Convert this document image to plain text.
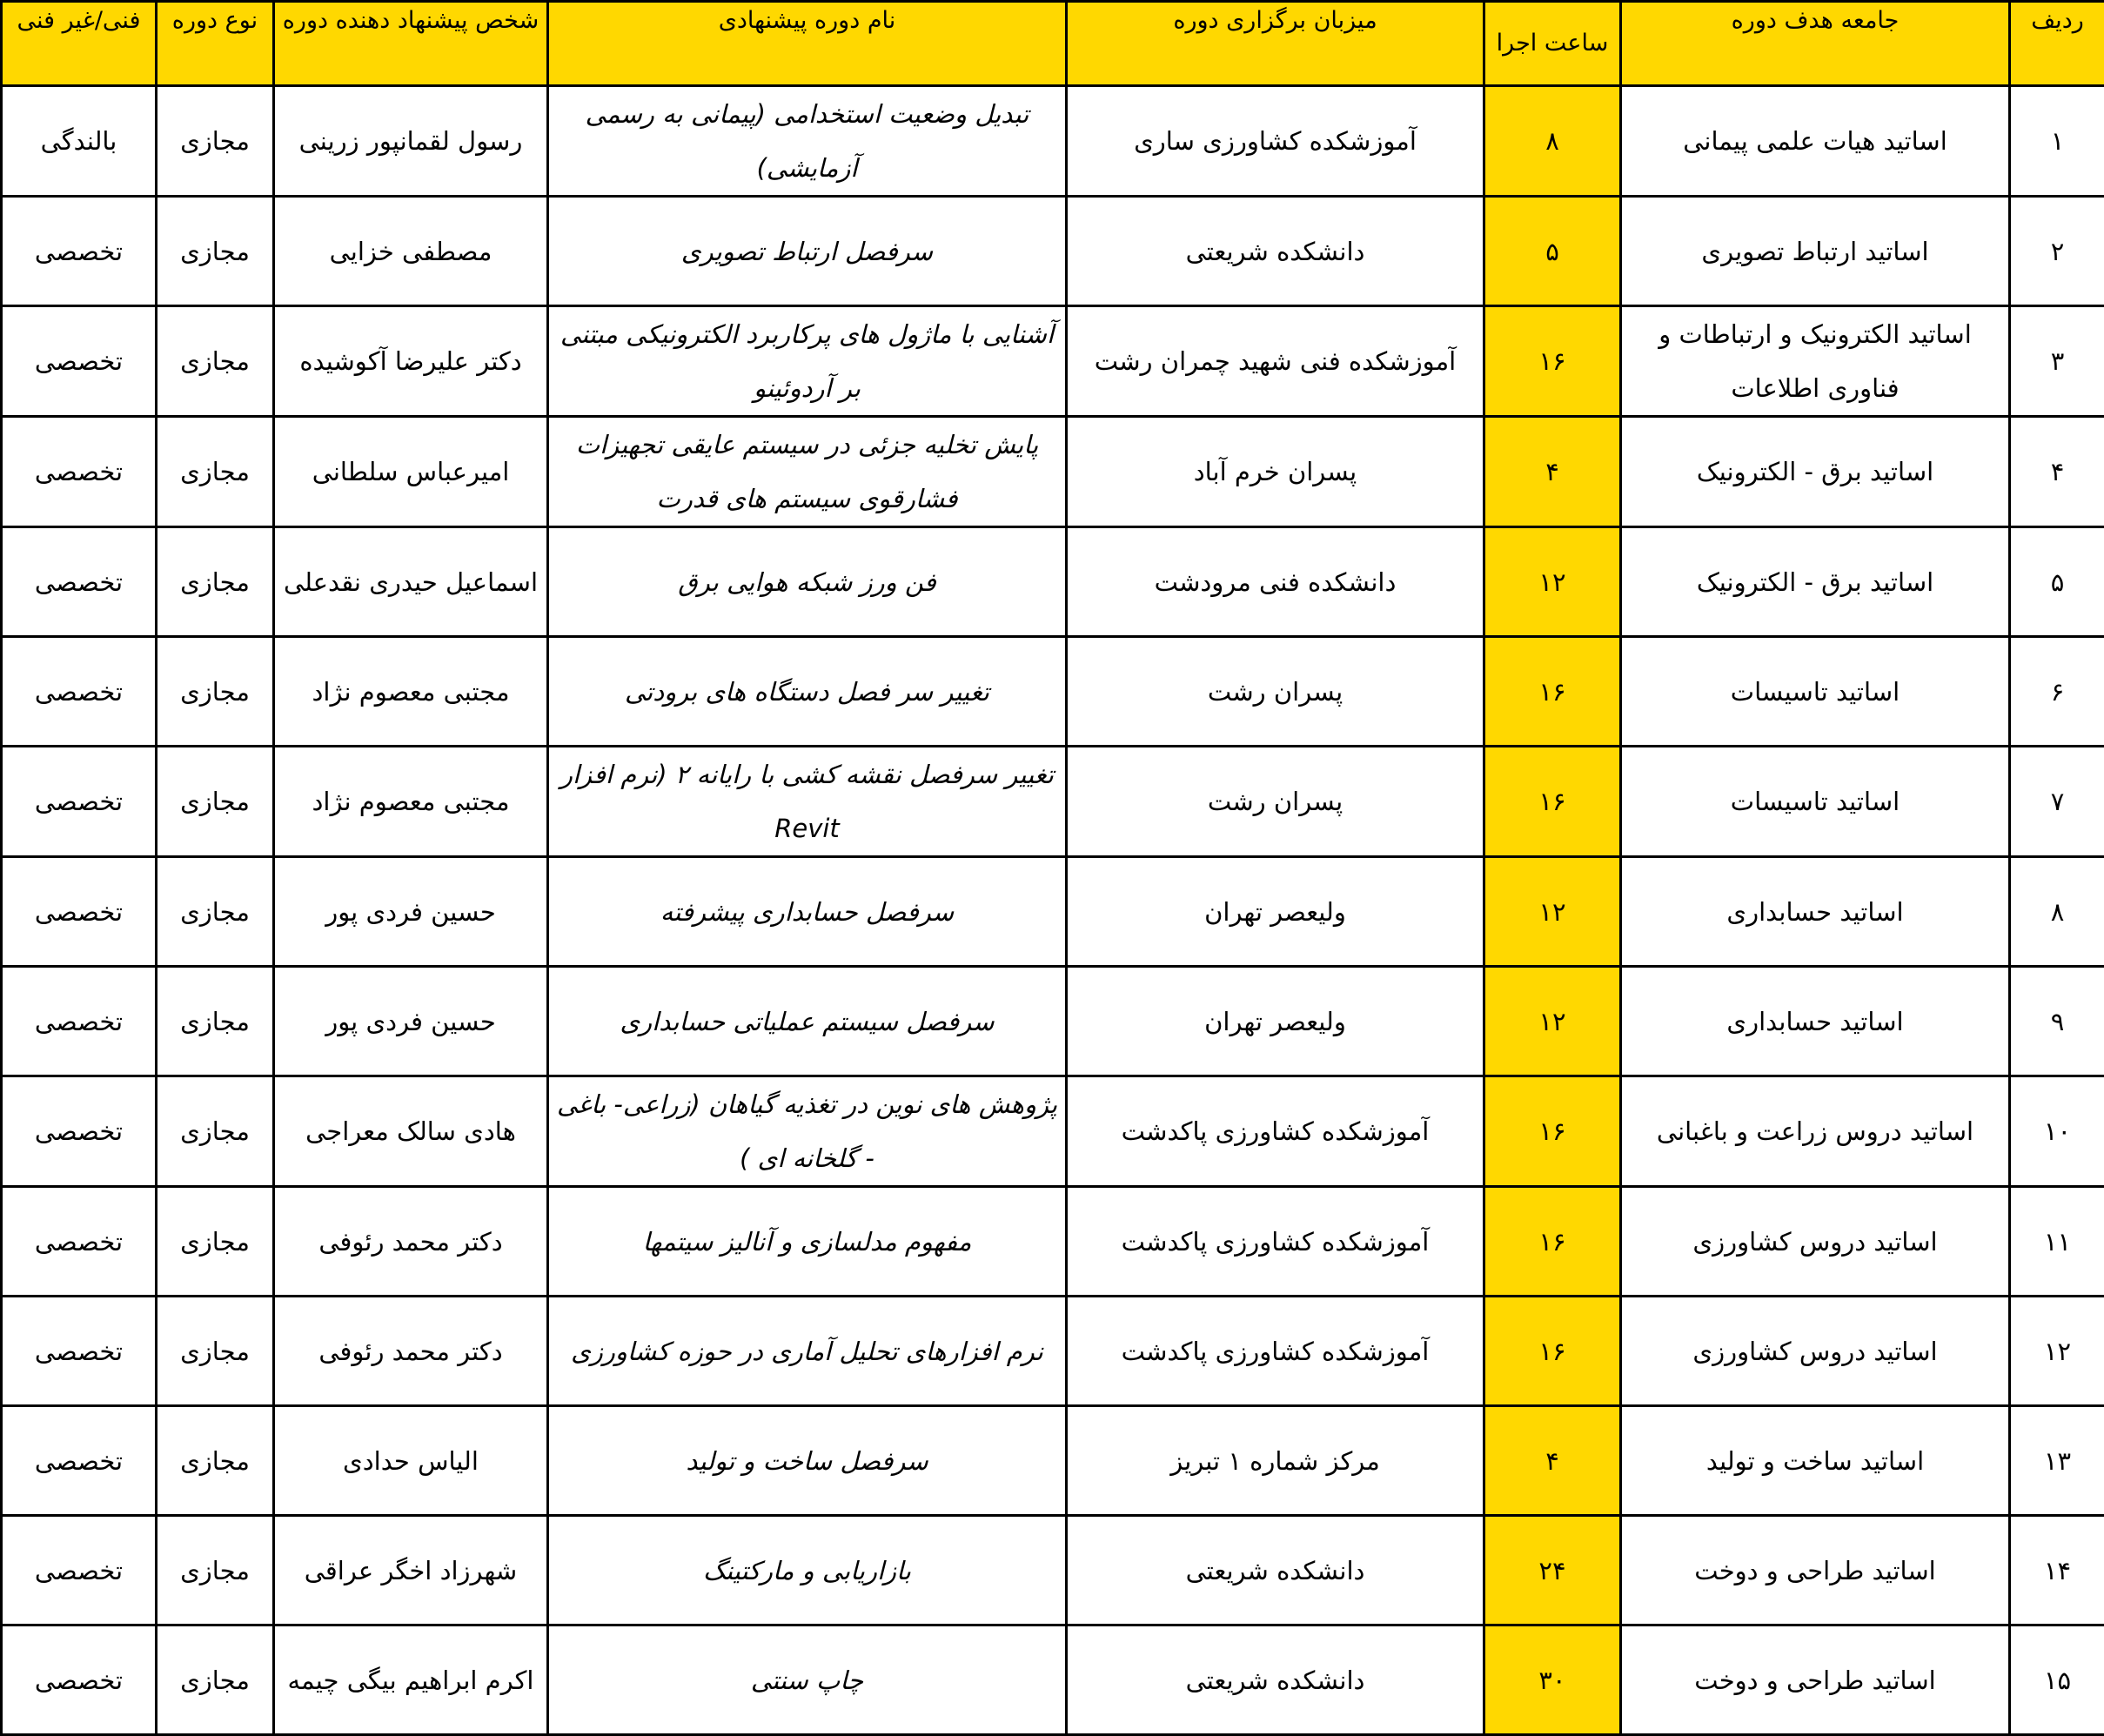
ردیف	جامعه هدف دوره	ساعت اجرا	میزبان برگزاری دوره	نام دوره پیشنهادی	شخص پیشنهاد دهنده دوره	نوع دوره	فنی/غیر فنی
۱	اساتید هیات علمی پیمانی	۸	آموزشکده کشاورزی ساری	تبدیل وضعیت استخدامی (پیمانی به رسمی آزمایشی)	رسول لقمانپور زرینی	مجازی	بالندگی
۲	اساتید ارتباط تصویری	۵	دانشکده شریعتی	سرفصل ارتباط تصویری	مصطفی خزایی	مجازی	تخصصی
۳	اساتید الکترونیک و ارتباطات و فناوری اطلاعات	۱۶	آموزشکده فنی شهید چمران رشت	آشنایی با ماژول های پرکاربرد الکترونیکی مبتنی بر آردوئینو	دکتر علیرضا آکوشیده	مجازی	تخصصی
۴	اساتید برق - الکترونیک	۴	پسران خرم آباد	پایش تخلیه جزئی در سیستم عایقی تجهیزات فشارقوی سیستم های قدرت	امیرعباس سلطانی	مجازی	تخصصی
۵	اساتید برق - الکترونیک	۱۲	دانشکده فنی مرودشت	فن ورز شبکه هوایی برق	اسماعیل حیدری نقدعلی	مجازی	تخصصی
۶	اساتید تاسیسات	۱۶	پسران رشت	تغییر سر فصل دستگاه های برودتی	مجتبی معصوم نژاد	مجازی	تخصصی
۷	اساتید تاسیسات	۱۶	پسران رشت	تغییر سرفصل نقشه کشی با رایانه ۲ (نرم افزار Revit	مجتبی معصوم نژاد	مجازی	تخصصی
۸	اساتید حسابداری	۱۲	ولیعصر تهران	سرفصل حسابداری پیشرفته	حسین فردی پور	مجازی	تخصصی
۹	اساتید حسابداری	۱۲	ولیعصر تهران	سرفصل سیستم عملیاتی حسابداری	حسین فردی پور	مجازی	تخصصی
۱۰	اساتید دروس زراعت و باغبانی	۱۶	آموزشکده کشاورزی پاکدشت	پژوهش های نوین در تغذیه گیاهان (زراعی- باغی - گلخانه ای )	هادی سالک معراجی	مجازی	تخصصی
۱۱	اساتید دروس کشاورزی	۱۶	آموزشکده کشاورزی پاکدشت	مفهوم مدلسازی و آنالیز سیتمها	دکتر محمد رئوفی	مجازی	تخصصی
۱۲	اساتید دروس کشاورزی	۱۶	آموزشکده کشاورزی پاکدشت	نرم افزارهای تحلیل آماری در حوزه کشاورزی	دکتر محمد رئوفی	مجازی	تخصصی
۱۳	اساتید ساخت و تولید	۴	مرکز شماره ۱ تبریز	سرفصل ساخت و تولید	الیاس حدادی	مجازی	تخصصی
۱۴	اساتید طراحی و دوخت	۲۴	دانشکده شریعتی	بازاریابی و مارکتینگ	شهرزاد اخگر عراقی	مجازی	تخصصی
۱۵	اساتید طراحی و دوخت	۳۰	دانشکده شریعتی	چاپ سنتی	اکرم ابراهیم بیگی چیمه	مجازی	تخصصی
